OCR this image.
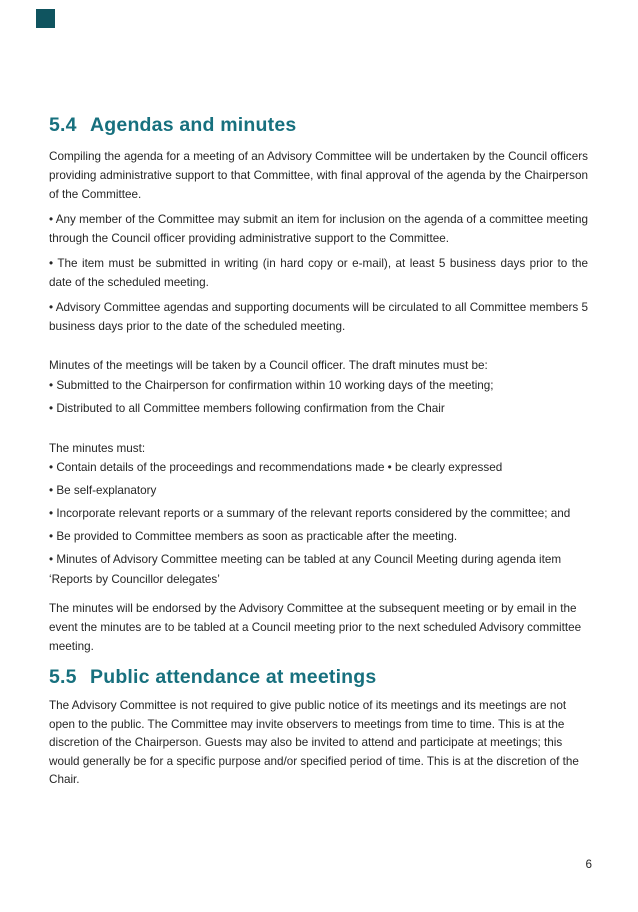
5.4 Agendas and minutes

Compiling the agenda for a meeting of an Advisory Committee will be undertaken by the Council officers providing administrative support to that Committee, with final approval of the agenda by the Chairperson of the Committee.

• Any member of the Committee may submit an item for inclusion on the agenda of a committee meeting through the Council officer providing administrative support to the Committee.

• The item must be submitted in writing (in hard copy or e-mail), at least 5 business days prior to the date of the scheduled meeting.

• Advisory Committee agendas and supporting documents will be circulated to all Committee members 5 business days prior to the date of the scheduled meeting.

Minutes of the meetings will be taken by a Council officer. The draft minutes must be:

• Submitted to the Chairperson for confirmation within 10 working days of the meeting;

• Distributed to all Committee members following confirmation from the Chair

The minutes must:

• Contain details of the proceedings and recommendations made • be clearly expressed

• Be self-explanatory

• Incorporate relevant reports or a summary of the relevant reports considered by the committee; and

• Be provided to Committee members as soon as practicable after the meeting.

• Minutes of Advisory Committee meeting can be tabled at any Council Meeting during agenda item ‘Reports by Councillor delegates’

The minutes will be endorsed by the Advisory Committee at the subsequent meeting or by email in the event the minutes are to be tabled at a Council meeting prior to the next scheduled Advisory committee meeting.

5.5 Public attendance at meetings

The Advisory Committee is not required to give public notice of its meetings and its meetings are not open to the public. The Committee may invite observers to meetings from time to time. This is at the discretion of the Chairperson. Guests may also be invited to attend and participate at meetings; this would generally be for a specific purpose and/or specified period of time. This is at the discretion of the Chair.

6
